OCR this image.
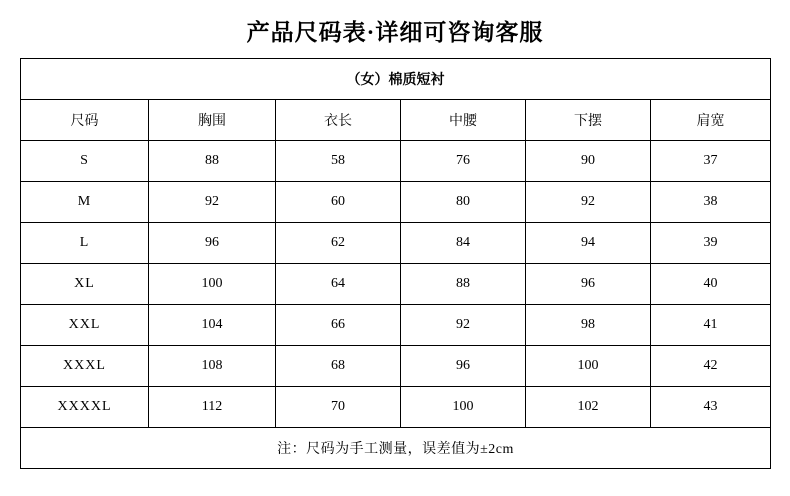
产品尺码表·详细可咨询客服
（女）棉质短衬					
尺码	胸围	衣长	中腰	下摆	肩宽
S	88	58	76	90	37
M	92	60	80	92	38
L	96	62	84	94	39
XL	100	64	88	96	40
XXL	104	66	92	98	41
XXXL	108	68	96	100	42
XXXXL	112	70	100	102	43
注：尺码为手工测量，误差值为±2cm					
